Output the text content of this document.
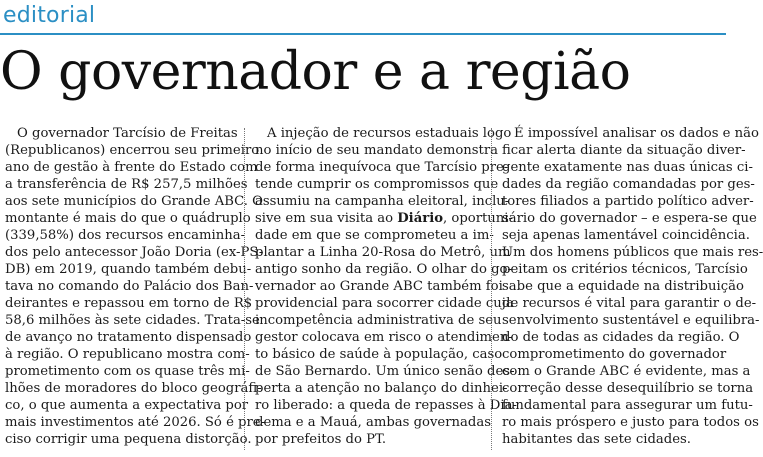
editorial
O governador e a região
O governador Tarcísio de Freitas
(Republicanos) encerrou seu primeiro
ano de gestão à frente do Estado com
a transferência de R$ 257,5 milhões
aos sete municípios do Grande ABC. O
montante é mais do que o quádruplo
(339,58%) dos recursos encaminha-
dos pelo antecessor João Doria (ex-PS-
DB) em 2019, quando também debu-
tava no comando do Palácio dos Ban-
deirantes e repassou em torno de R$
58,6 milhões às sete cidades. Trata-se
de avanço no tratamento dispensado
à região. O republicano mostra com-
prometimento com os quase três mi-
lhões de moradores do bloco geográfi-
co, o que aumenta a expectativa por
mais investimentos até 2026. Só é pre-
ciso corrigir uma pequena distorção.
A injeção de recursos estaduais logo
no início de seu mandato demonstra
de forma inequívoca que Tarcísio pre-
tende cumprir os compromissos que
assumiu na campanha eleitoral, inclu-
sive em sua visita ao Diário, oportuni-
dade em que se comprometeu a im-
plantar a Linha 20-Rosa do Metrô, um
antigo sonho da região. O olhar do go-
vernador ao Grande ABC também foi
providencial para socorrer cidade cuja
incompetência administrativa de seu
gestor colocava em risco o atendimen-
to básico de saúde à população, caso
de São Bernardo. Um único senão des-
perta a atenção no balanço do dinhei-
ro liberado: a queda de repasses à Dia-
dema e a Mauá, ambas governadas
por prefeitos do PT.
É impossível analisar os dados e não
ficar alerta diante da situação diver-
gente exatamente nas duas únicas ci-
dades da região comandadas por ges-
tores filiados a partido político adver-
sário do governador – e espera-se que
seja apenas lamentável coincidência.
Um dos homens públicos que mais res-
peitam os critérios técnicos, Tarcísio
sabe que a equidade na distribuição
de recursos é vital para garantir o de-
senvolvimento sustentável e equilibra-
do de todas as cidades da região. O
comprometimento do governador
com o Grande ABC é evidente, mas a
correção desse desequilíbrio se torna
fundamental para assegurar um futu-
ro mais próspero e justo para todos os
habitantes das sete cidades.
